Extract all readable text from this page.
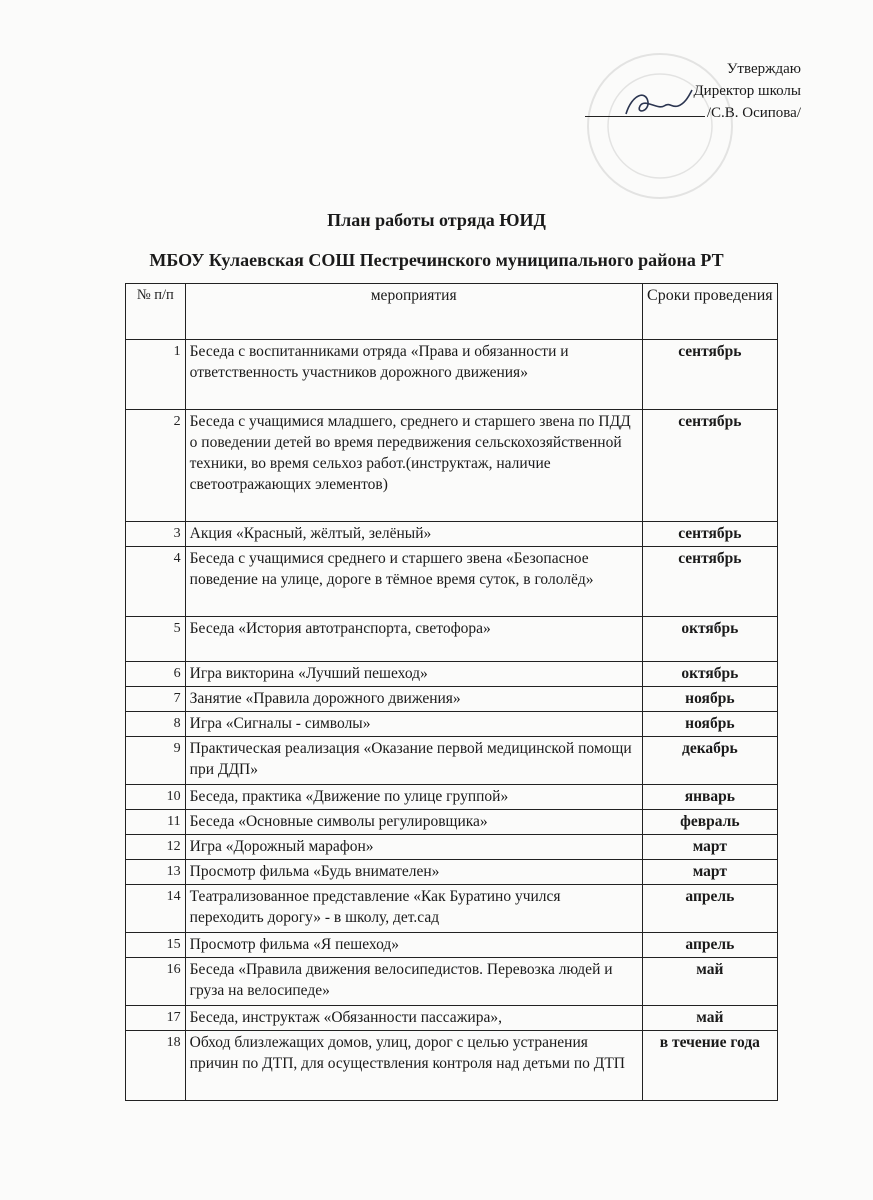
Утверждаю
Директор школы
/С.В. Осипова/
План работы отряда ЮИД
МБОУ Кулаевская СОШ Пестречинского муниципального района РТ
№ п/п	мероприятия	Сроки проведения
1	Беседа с воспитанниками отряда «Права и обязанности и ответственность участников дорожного движения»	сентябрь
2	Беседа с учащимися младшего, среднего и старшего звена по ПДД о поведении детей во время передвижения сельскохозяйственной техники, во время сельхоз работ.(инструктаж, наличие светоотражающих элементов)	сентябрь
3	Акция «Красный, жёлтый, зелёный»	сентябрь
4	Беседа с учащимися среднего и старшего звена «Безопасное поведение на улице, дороге в тёмное время суток, в гололёд»	сентябрь
5	Беседа «История автотранспорта, светофора»	октябрь
6	Игра викторина «Лучший пешеход»	октябрь
7	Занятие «Правила дорожного движения»	ноябрь
8	Игра «Сигналы - символы»	ноябрь
9	Практическая реализация «Оказание первой медицинской помощи при ДДП»	декабрь
10	Беседа, практика «Движение по улице группой»	январь
11	Беседа «Основные символы регулировщика»	февраль
12	Игра «Дорожный марафон»	март
13	Просмотр фильма «Будь внимателен»	март
14	Театрализованное представление «Как Буратино учился переходить дорогу» - в школу, дет.сад	апрель
15	Просмотр фильма «Я пешеход»	апрель
16	Беседа «Правила движения велосипедистов. Перевозка людей и груза на велосипеде»	май
17	Беседа, инструктаж «Обязанности пассажира»,	май
18	Обход близлежащих домов, улиц, дорог с целью устранения причин по ДТП, для осуществления контроля над детьми по ДТП	в течение года
